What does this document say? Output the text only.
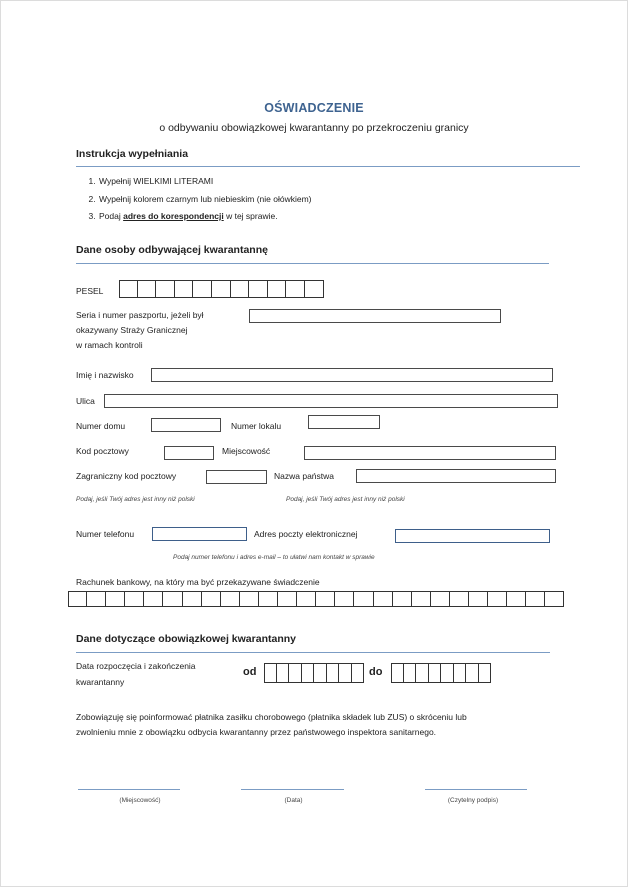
OŚWIADCZENIE
o odbywaniu obowiązkowej kwarantanny po przekroczeniu granicy
Instrukcja wypełniania
1. Wypełnij WIELKIMI LITERAMI
2. Wypełnij kolorem czarnym lub niebieskim (nie ołówkiem)
3. Podaj adres do korespondencji w tej sprawie.
Dane osoby odbywającej kwarantannę
PESEL
Seria i numer paszportu, jeżeli był
okazywany Straży Granicznej
w ramach kontroli
Imię i nazwisko
Ulica
Numer domu	Numer lokalu
Kod pocztowy	Miejscowość
Zagraniczny kod pocztowy	Nazwa państwa
Podaj, jeśli Twój adres jest inny niż polski	Podaj, jeśli Twój adres jest inny niż polski
Numer telefonu	Adres poczty elektronicznej
Podaj numer telefonu i adres e-mail – to ułatwi nam kontakt w sprawie
Rachunek bankowy, na który ma być przekazywane świadczenie
Dane dotyczące obowiązkowej kwarantanny
Data rozpoczęcia i zakończenia
kwarantanny
od	do
Zobowiązuję się poinformować płatnika zasiłku chorobowego (płatnika składek lub ZUS) o skróceniu lub
zwolnieniu mnie z obowiązku odbycia kwarantanny przez państwowego inspektora sanitarnego.
(Miejscowość)	(Data)	(Czytelny podpis)
